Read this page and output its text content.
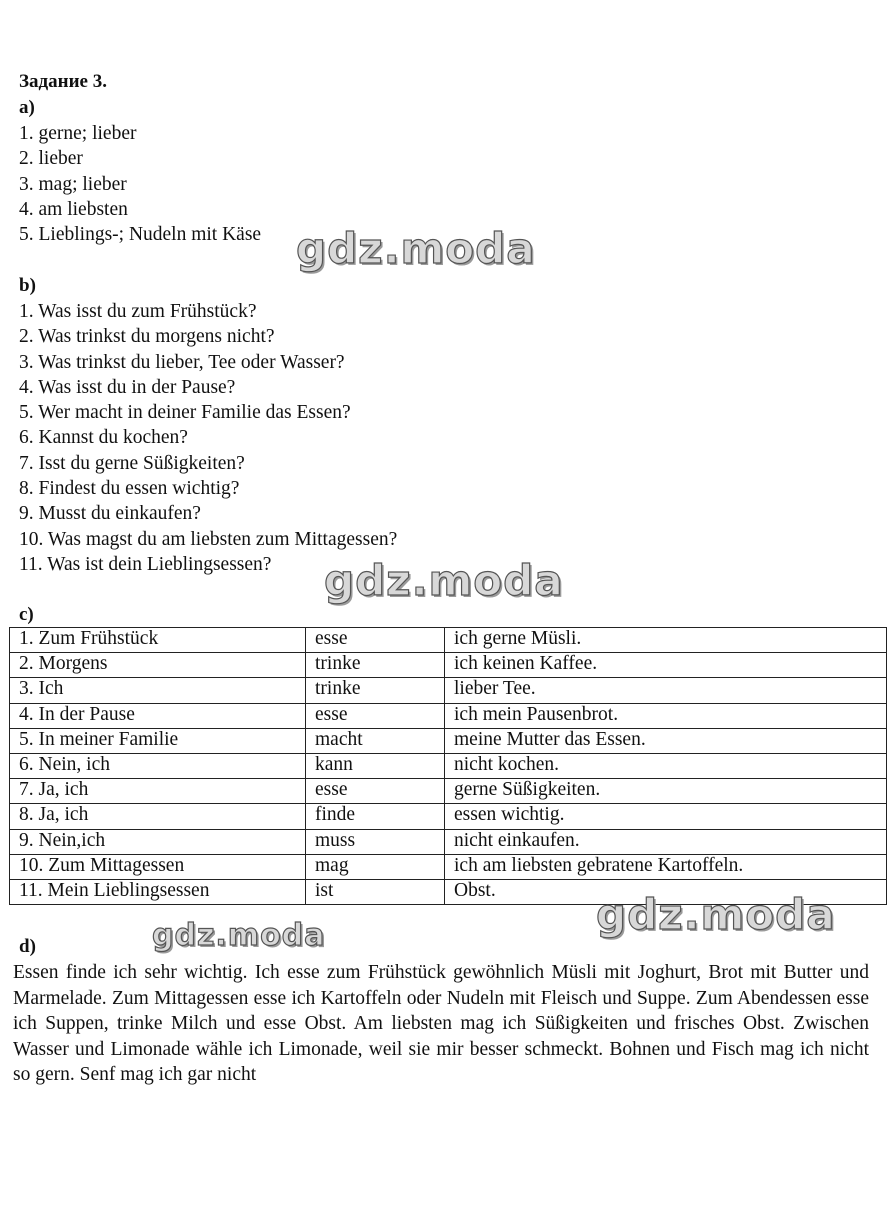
Задание 3.
a)
1. gerne; lieber
2. lieber
3. mag; lieber
4. am liebsten
5. Lieblings-; Nudeln mit Käse
b)
1. Was isst du zum Frühstück?
2. Was trinkst du morgens nicht?
3. Was trinkst du lieber, Tee oder Wasser?
4. Was isst du in der Pause?
5. Wer macht in deiner Familie das Essen?
6. Kannst du kochen?
7. Isst du gerne Süßigkeiten?
8. Findest du essen wichtig?
9. Musst du einkaufen?
10. Was magst du am liebsten zum Mittagessen?
11. Was ist dein Lieblingsessen?
c)
1. Zum Frühstück	esse	ich gerne Müsli.
2. Morgens	trinke	ich keinen Kaffee.
3. Ich	trinke	lieber Tee.
4. In der Pause	esse	ich mein Pausenbrot.
5. In meiner Familie	macht	meine Mutter das Essen.
6. Nein, ich	kann	nicht kochen.
7. Ja, ich	esse	gerne Süßigkeiten.
8. Ja, ich	finde	essen wichtig.
9. Nein,ich	muss	nicht einkaufen.
10. Zum Mittagessen	mag	ich am liebsten gebratene Kartoffeln.
11. Mein Lieblingsessen	ist	Obst.
d)

Essen finde ich sehr wichtig. Ich esse zum Frühstück gewöhnlich Müsli mit Joghurt, Brot mit Butter und Marmelade. Zum Mittagessen esse ich Kartoffeln oder Nudeln mit Fleisch und Suppe. Zum Abendessen esse ich Suppen, trinke Milch und esse Obst. Am liebsten mag ich Süßigkeiten und frisches Obst. Zwischen Wasser und Limonade wähle ich Limonade, weil sie mir besser schmeckt. Bohnen und Fisch mag ich nicht so gern. Senf mag ich gar nicht

gdz.moda
gdz.moda
gdz.moda
gdz.moda
